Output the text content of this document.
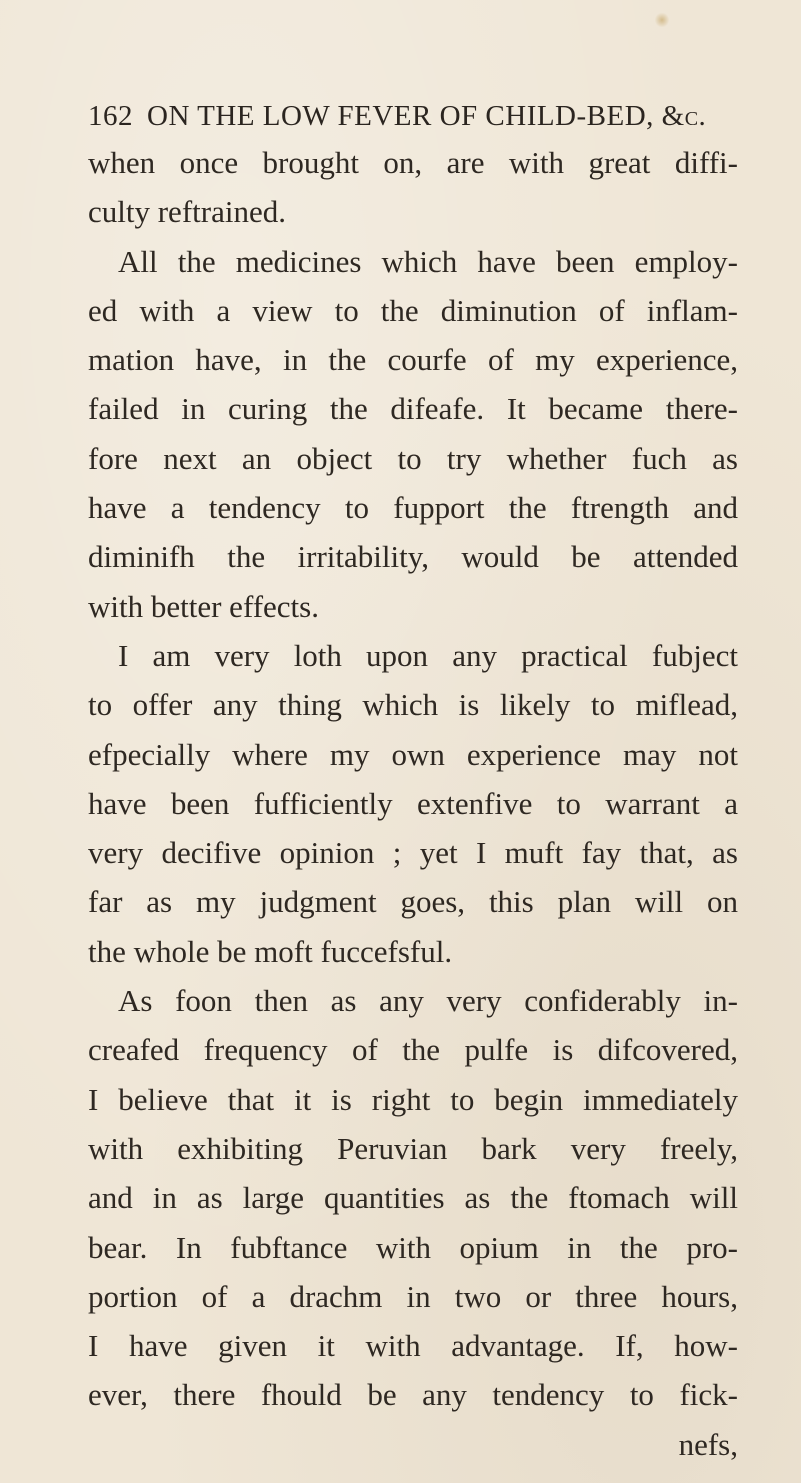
162 ON THE LOW FEVER OF CHILD-BED, &c.
when once brought on, are with great diffi-
culty reftrained.
All the medicines which have been employ-
ed with a view to the diminution of inflam-
mation have, in the courfe of my experience,
failed in curing the difeafe. It became there-
fore next an object to try whether fuch as
have a tendency to fupport the ftrength and
diminifh the irritability, would be attended
with better effects.
I am very loth upon any practical fubject
to offer any thing which is likely to miflead,
efpecially where my own experience may not
have been fufficiently extenfive to warrant a
very decifive opinion ; yet I muft fay that, as
far as my judgment goes, this plan will on
the whole be moft fuccefsful.
As foon then as any very confiderably in-
creafed frequency of the pulfe is difcovered,
I believe that it is right to begin immediately
with exhibiting Peruvian bark very freely,
and in as large quantities as the ftomach will
bear. In fubftance with opium in the pro-
portion of a drachm in two or three hours,
I have given it with advantage. If, how-
ever, there fhould be any tendency to fick-
nefs,
